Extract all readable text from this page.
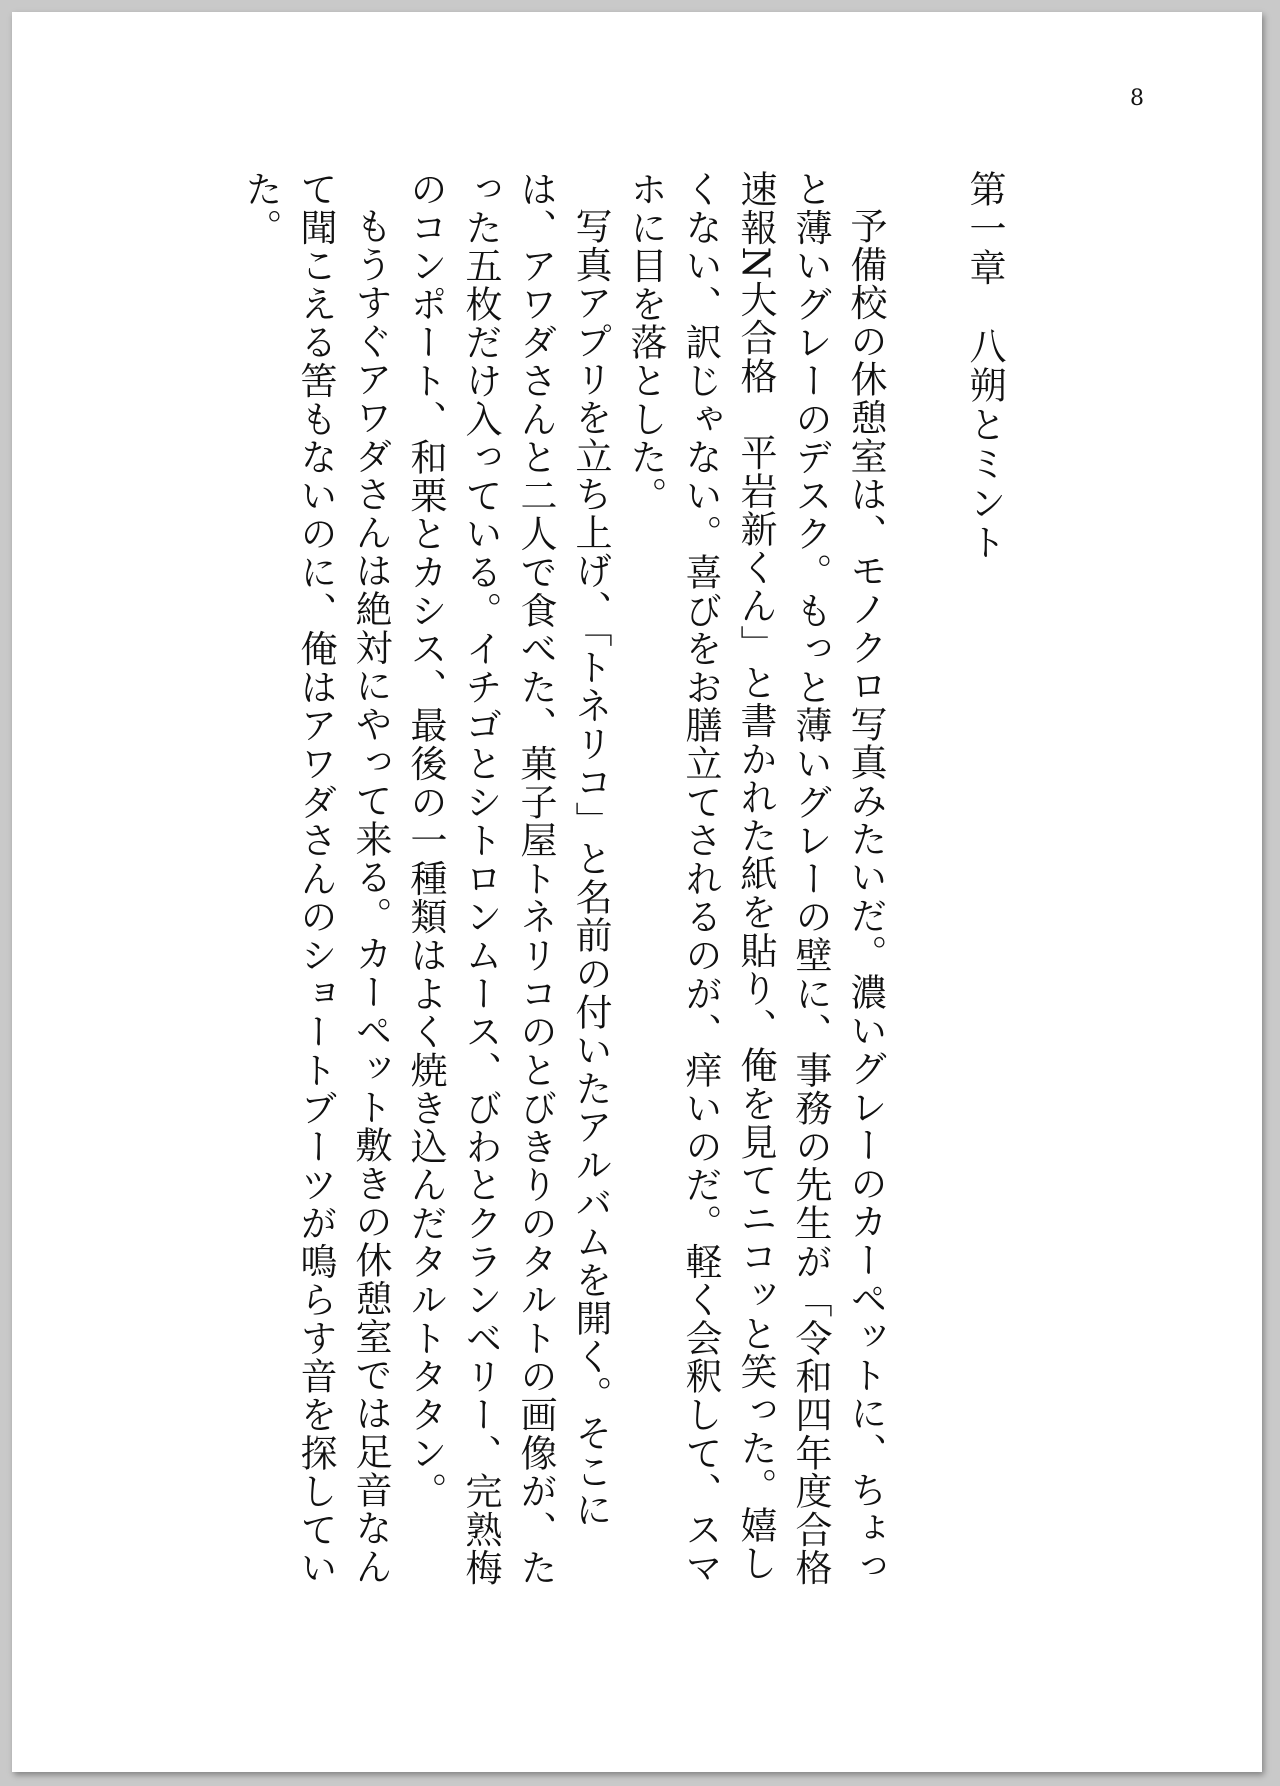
8
第一章　八朔とミント

予備校の休憩室は、モノクロ写真みたいだ。濃いグレーのカーペットに、ちょっと薄いグレーのデスク。もっと薄いグレーの壁に、事務の先生が「令和四年度合格速報N大合格　平岩新くん」と書かれた紙を貼り、俺を見てニコッと笑った。嬉しくない、訳じゃない。喜びをお膳立てされるのが、痒いのだ。軽く会釈して、スマホに目を落とした。

写真アプリを立ち上げ、「トネリコ」と名前の付いたアルバムを開く。そこには、アワダさんと二人で食べた、菓子屋トネリコのとびきりのタルトの画像が、たった五枚だけ入っている。イチゴとシトロンムース、びわとクランベリー、完熟梅のコンポート、和栗とカシス、最後の一種類はよく焼き込んだタルトタタン。

もうすぐアワダさんは絶対にやって来る。カーペット敷きの休憩室では足音なんて聞こえる筈もないのに、俺はアワダさんのショートブーツが鳴らす音を探していた。
